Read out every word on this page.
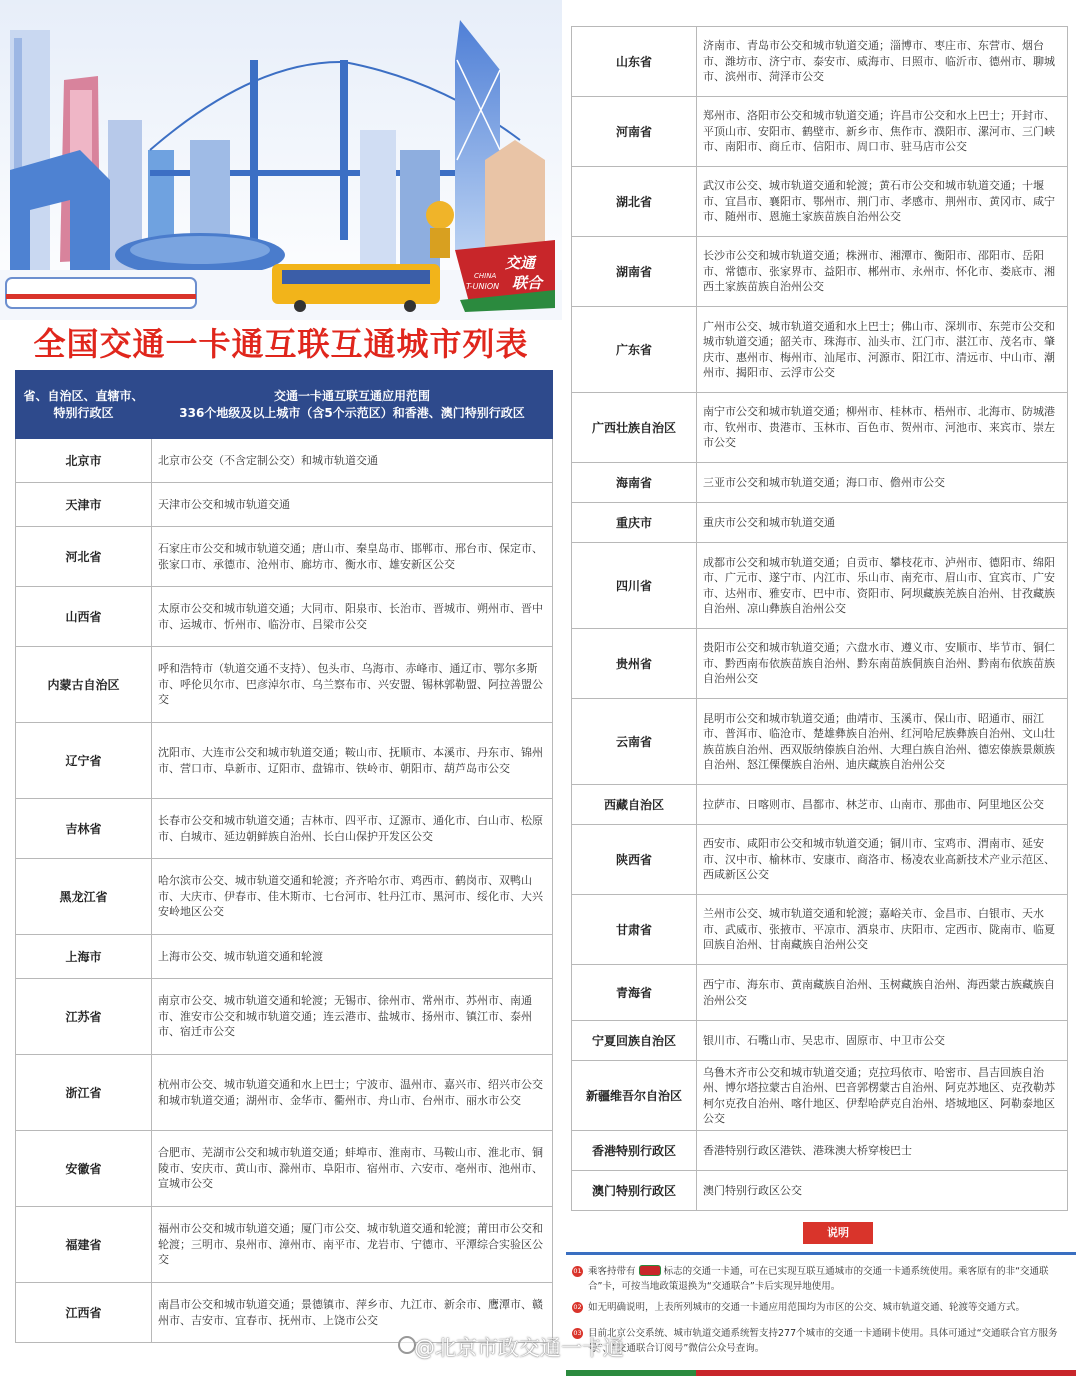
交通
联合
CHINA
T-UNION
全国交通一卡通互联互通城市列表
省、自治区、直辖市、特别行政区	交通一卡通互联互通应用范围
336个地级及以上城市（含5个示范区）和香港、澳门特别行政区

北京市	北京市公交（不含定制公交）和城市轨道交通
天津市	天津市公交和城市轨道交通
河北省	石家庄市公交和城市轨道交通；唐山市、秦皇岛市、邯郸市、邢台市、保定市、张家口市、承德市、沧州市、廊坊市、衡水市、雄安新区公交
山西省	太原市公交和城市轨道交通；大同市、阳泉市、长治市、晋城市、朔州市、晋中市、运城市、忻州市、临汾市、吕梁市公交
内蒙古自治区	呼和浩特市（轨道交通不支持）、包头市、乌海市、赤峰市、通辽市、鄂尔多斯市、呼伦贝尔市、巴彦淖尔市、乌兰察布市、兴安盟、锡林郭勒盟、阿拉善盟公交
辽宁省	沈阳市、大连市公交和城市轨道交通；鞍山市、抚顺市、本溪市、丹东市、锦州市、营口市、阜新市、辽阳市、盘锦市、铁岭市、朝阳市、葫芦岛市公交
吉林省	长春市公交和城市轨道交通；吉林市、四平市、辽源市、通化市、白山市、松原市、白城市、延边朝鲜族自治州、长白山保护开发区公交
黑龙江省	哈尔滨市公交、城市轨道交通和轮渡；齐齐哈尔市、鸡西市、鹤岗市、双鸭山市、大庆市、伊春市、佳木斯市、七台河市、牡丹江市、黑河市、绥化市、大兴安岭地区公交
上海市	上海市公交、城市轨道交通和轮渡
江苏省	南京市公交、城市轨道交通和轮渡；无锡市、徐州市、常州市、苏州市、南通市、淮安市公交和城市轨道交通；连云港市、盐城市、扬州市、镇江市、泰州市、宿迁市公交
浙江省	杭州市公交、城市轨道交通和水上巴士；宁波市、温州市、嘉兴市、绍兴市公交和城市轨道交通；湖州市、金华市、衢州市、舟山市、台州市、丽水市公交
安徽省	合肥市、芜湖市公交和城市轨道交通；蚌埠市、淮南市、马鞍山市、淮北市、铜陵市、安庆市、黄山市、滁州市、阜阳市、宿州市、六安市、亳州市、池州市、宣城市公交
福建省	福州市公交和城市轨道交通；厦门市公交、城市轨道交通和轮渡；莆田市公交和轮渡；三明市、泉州市、漳州市、南平市、龙岩市、宁德市、平潭综合实验区公交
江西省	南昌市公交和城市轨道交通；景德镇市、萍乡市、九江市、新余市、鹰潭市、赣州市、吉安市、宜春市、抚州市、上饶市公交
山东省	济南市、青岛市公交和城市轨道交通；淄博市、枣庄市、东营市、烟台市、潍坊市、济宁市、泰安市、威海市、日照市、临沂市、德州市、聊城市、滨州市、菏泽市公交
河南省	郑州市、洛阳市公交和城市轨道交通；许昌市公交和水上巴士；开封市、平顶山市、安阳市、鹤壁市、新乡市、焦作市、濮阳市、漯河市、三门峡市、南阳市、商丘市、信阳市、周口市、驻马店市公交
湖北省	武汉市公交、城市轨道交通和轮渡；黄石市公交和城市轨道交通；十堰市、宜昌市、襄阳市、鄂州市、荆门市、孝感市、荆州市、黄冈市、咸宁市、随州市、恩施土家族苗族自治州公交
湖南省	长沙市公交和城市轨道交通；株洲市、湘潭市、衡阳市、邵阳市、岳阳市、常德市、张家界市、益阳市、郴州市、永州市、怀化市、娄底市、湘西土家族苗族自治州公交
广东省	广州市公交、城市轨道交通和水上巴士；佛山市、深圳市、东莞市公交和城市轨道交通；韶关市、珠海市、汕头市、江门市、湛江市、茂名市、肇庆市、惠州市、梅州市、汕尾市、河源市、阳江市、清远市、中山市、潮州市、揭阳市、云浮市公交
广西壮族自治区	南宁市公交和城市轨道交通；柳州市、桂林市、梧州市、北海市、防城港市、钦州市、贵港市、玉林市、百色市、贺州市、河池市、来宾市、崇左市公交
海南省	三亚市公交和城市轨道交通；海口市、儋州市公交
重庆市	重庆市公交和城市轨道交通
四川省	成都市公交和城市轨道交通；自贡市、攀枝花市、泸州市、德阳市、绵阳市、广元市、遂宁市、内江市、乐山市、南充市、眉山市、宜宾市、广安市、达州市、雅安市、巴中市、资阳市、阿坝藏族羌族自治州、甘孜藏族自治州、凉山彝族自治州公交
贵州省	贵阳市公交和城市轨道交通；六盘水市、遵义市、安顺市、毕节市、铜仁市、黔西南布依族苗族自治州、黔东南苗族侗族自治州、黔南布依族苗族自治州公交
云南省	昆明市公交和城市轨道交通；曲靖市、玉溪市、保山市、昭通市、丽江市、普洱市、临沧市、楚雄彝族自治州、红河哈尼族彝族自治州、文山壮族苗族自治州、西双版纳傣族自治州、大理白族自治州、德宏傣族景颇族自治州、怒江傈僳族自治州、迪庆藏族自治州公交
西藏自治区	拉萨市、日喀则市、昌都市、林芝市、山南市、那曲市、阿里地区公交
陕西省	西安市、咸阳市公交和城市轨道交通；铜川市、宝鸡市、渭南市、延安市、汉中市、榆林市、安康市、商洛市、杨凌农业高新技术产业示范区、西咸新区公交
甘肃省	兰州市公交、城市轨道交通和轮渡；嘉峪关市、金昌市、白银市、天水市、武威市、张掖市、平凉市、酒泉市、庆阳市、定西市、陇南市、临夏回族自治州、甘南藏族自治州公交
青海省	西宁市、海东市、黄南藏族自治州、玉树藏族自治州、海西蒙古族藏族自治州公交
宁夏回族自治区	银川市、石嘴山市、吴忠市、固原市、中卫市公交
新疆维吾尔自治区	乌鲁木齐市公交和城市轨道交通；克拉玛依市、哈密市、昌吉回族自治州、博尔塔拉蒙古自治州、巴音郭楞蒙古自治州、阿克苏地区、克孜勒苏柯尔克孜自治州、喀什地区、伊犁哈萨克自治州、塔城地区、阿勒泰地区公交
香港特别行政区	香港特别行政区港铁、港珠澳大桥穿梭巴士
澳门特别行政区	澳门特别行政区公交
说明
01 乘客持带有	标志的交通一卡通，可在已实现互联互通城市的交通一卡通系统使用。乘客原有的非“交通联合”卡，可按当地政策退换为“交通联合”卡后实现异地使用。
02 如无明确说明，上表所列城市的交通一卡通应用范围均为市区的公交、城市轨道交通、轮渡等交通方式。
03 目前北京公交系统、城市轨道交通系统暂支持277个城市的交通一卡通刷卡使用。具体可通过“交通联合官方服务号”、“交通联合订阅号”微信公众号查询。
@北京市政交通一卡通
